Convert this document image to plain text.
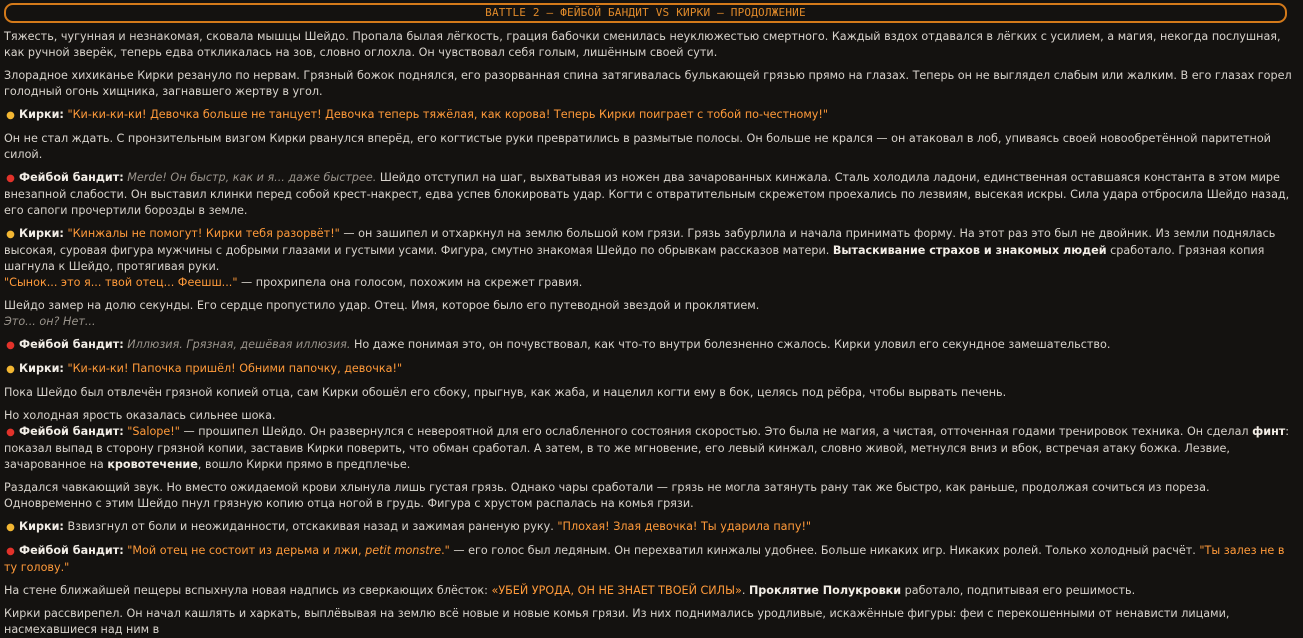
BATTLE 2 – ФЕЙБОЙ БАНДИТ VS КИРКИ – ПРОДОЛЖЕНИЕ

Тяжесть, чугунная и незнакомая, сковала мышцы Шейдо. Пропала былая лёгкость, грация бабочки сменилась неуклюжестью смертного. Каждый вздох отдавался в лёгких с усилием, а магия, некогда послушная, как ручной зверёк, теперь едва откликалась на зов, словно оглохла. Он чувствовал себя голым, лишённым своей сути.

Злорадное хихиканье Кирки резануло по нервам. Грязный божок поднялся, его разорванная спина затягивалась булькающей грязью прямо на глазах. Теперь он не выглядел слабым или жалким. В его глазах горел голодный огонь хищника, загнавшего жертву в угол.

● Кирки: "Ки-ки-ки-ки! Девочка больше не танцует! Девочка теперь тяжёлая, как корова! Теперь Кирки поиграет с тобой по-честному!"

Он не стал ждать. С пронзительным визгом Кирки рванулся вперёд, его когтистые руки превратились в размытые полосы. Он больше не крался — он атаковал в лоб, упиваясь своей новообретённой паритетной силой.

● Фейбой бандит: Merde! Он быстр, как и я... даже быстрее. Шейдо отступил на шаг, выхватывая из ножен два зачарованных кинжала. Сталь холодила ладони, единственная оставшаяся константа в этом мире внезапной слабости. Он выставил клинки перед собой крест-накрест, едва успев блокировать удар. Когти с отвратительным скрежетом проехались по лезвиям, высекая искры. Сила удара отбросила Шейдо назад, его сапоги прочертили борозды в земле.

● Кирки: "Кинжалы не помогут! Кирки тебя разорвёт!" — он зашипел и отхаркнул на землю большой ком грязи. Грязь забурлила и начала принимать форму. На этот раз это был не двойник. Из земли поднялась высокая, суровая фигура мужчины с добрыми глазами и густыми усами. Фигура, смутно знакомая Шейдо по обрывкам рассказов матери. Вытаскивание страхов и знакомых людей сработало. Грязная копия шагнула к Шейдо, протягивая руки.
"Сынок... это я... твой отец... Феешш..." — прохрипела она голосом, похожим на скрежет гравия.

Шейдо замер на долю секунды. Его сердце пропустило удар. Отец. Имя, которое было его путеводной звездой и проклятием.
Это... он? Нет...

● Фейбой бандит: Иллюзия. Грязная, дешёвая иллюзия. Но даже понимая это, он почувствовал, как что-то внутри болезненно сжалось. Кирки уловил его секундное замешательство.

● Кирки: "Ки-ки-ки! Папочка пришёл! Обними папочку, девочка!"

Пока Шейдо был отвлечён грязной копией отца, сам Кирки обошёл его сбоку, прыгнув, как жаба, и нацелил когти ему в бок, целясь под рёбра, чтобы вырвать печень.

Но холодная ярость оказалась сильнее шока.

● Фейбой бандит: "Salope!" — прошипел Шейдо. Он развернулся с невероятной для его ослабленного состояния скоростью. Это была не магия, а чистая, отточенная годами тренировок техника. Он сделал финт: показал выпад в сторону грязной копии, заставив Кирки поверить, что обман сработал. А затем, в то же мгновение, его левый кинжал, словно живой, метнулся вниз и вбок, встречая атаку божка. Лезвие, зачарованное на кровотечение, вошло Кирки прямо в предплечье.

Раздался чавкающий звук. Но вместо ожидаемой крови хлынула лишь густая грязь. Однако чары сработали — грязь не могла затянуть рану так же быстро, как раньше, продолжая сочиться из пореза.
Одновременно с этим Шейдо пнул грязную копию отца ногой в грудь. Фигура с хрустом распалась на комья грязи.

● Кирки: Взвизгнул от боли и неожиданности, отскакивая назад и зажимая раненую руку. "Плохая! Злая девочка! Ты ударила папу!"

● Фейбой бандит: "Мой отец не состоит из дерьма и лжи, petit monstre." — его голос был ледяным. Он перехватил кинжалы удобнее. Больше никаких игр. Никаких ролей. Только холодный расчёт. "Ты залез не в ту голову."

На стене ближайшей пещеры вспыхнула новая надпись из сверкающих блёсток: «УБЕЙ УРОДА, ОН НЕ ЗНАЕТ ТВОЕЙ СИЛЫ». Проклятие Полукровки работало, подпитывая его решимость.

Кирки рассвирепел. Он начал кашлять и харкать, выплёвывая на землю всё новые и новые комья грязи. Из них поднимались уродливые, искажённые фигуры: феи с перекошенными от ненависти лицами, насмехавшиеся над ним в
